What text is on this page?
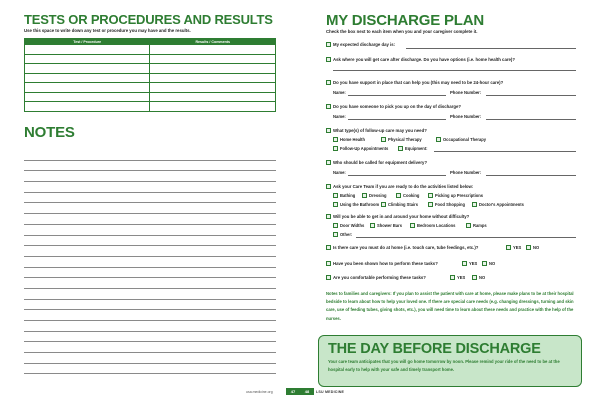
TESTS OR PROCEDURES AND RESULTS
Use this space to write down any test or procedure you may have and the results.
Test / Procedure	Results / Comments

NOTES
MY DISCHARGE PLAN
Check the box next to each item when you and your caregiver complete it.
My expected discharge day is:
Ask where you will get care after discharge. Do you have options (i.e. home health care)?
Do you have support in place that can help you (this may need to be 24-hour care)?
Name:	Phone Number:
Do you have someone to pick you up on the day of discharge?
Name:	Phone Number:
What type(s) of follow-up care may you need?
Home Health	Physical Therapy	Occupational Therapy
Follow-Up Appointments	Equipment:
Who should be called for equipment delivery?
Name:	Phone Number:
Ask your Care Team if you are ready to do the activities listed below:
Bathing	Dressing	Cooking	Picking up Prescriptions
Using the Bathroom	Climbing Stairs	Food Shopping	Doctor's Appointments
Will you be able to get in and around your home without difficulty?
Door Widths	Shower Bars	Bedroom Locations	Ramps
Other:
Is there care you must do at home (i.e. touch care, tube feedings, etc.)?	YES	NO
Have you been shown how to perform these tasks?	YES	NO
Are you comfortable performing these tasks?	YES	NO
Notes to families and caregivers: If you plan to assist the patient with care at home, please make plans to be at their hospital bedside to learn about how to help your loved one. If there are special care needs (e.g. changing dressings, turning and skin care, use of feeding tubes, giving shots, etc.), you will need time to learn about these needs and practice with the help of the nurses.
THE DAY BEFORE DISCHARGE
Your care team anticipates that you will go home tomorrow by noon. Please remind your ride of the need to be at the hospital early to help with your safe and timely transport home.
usa.medicine.org	47	48	LSU MEDICINE
